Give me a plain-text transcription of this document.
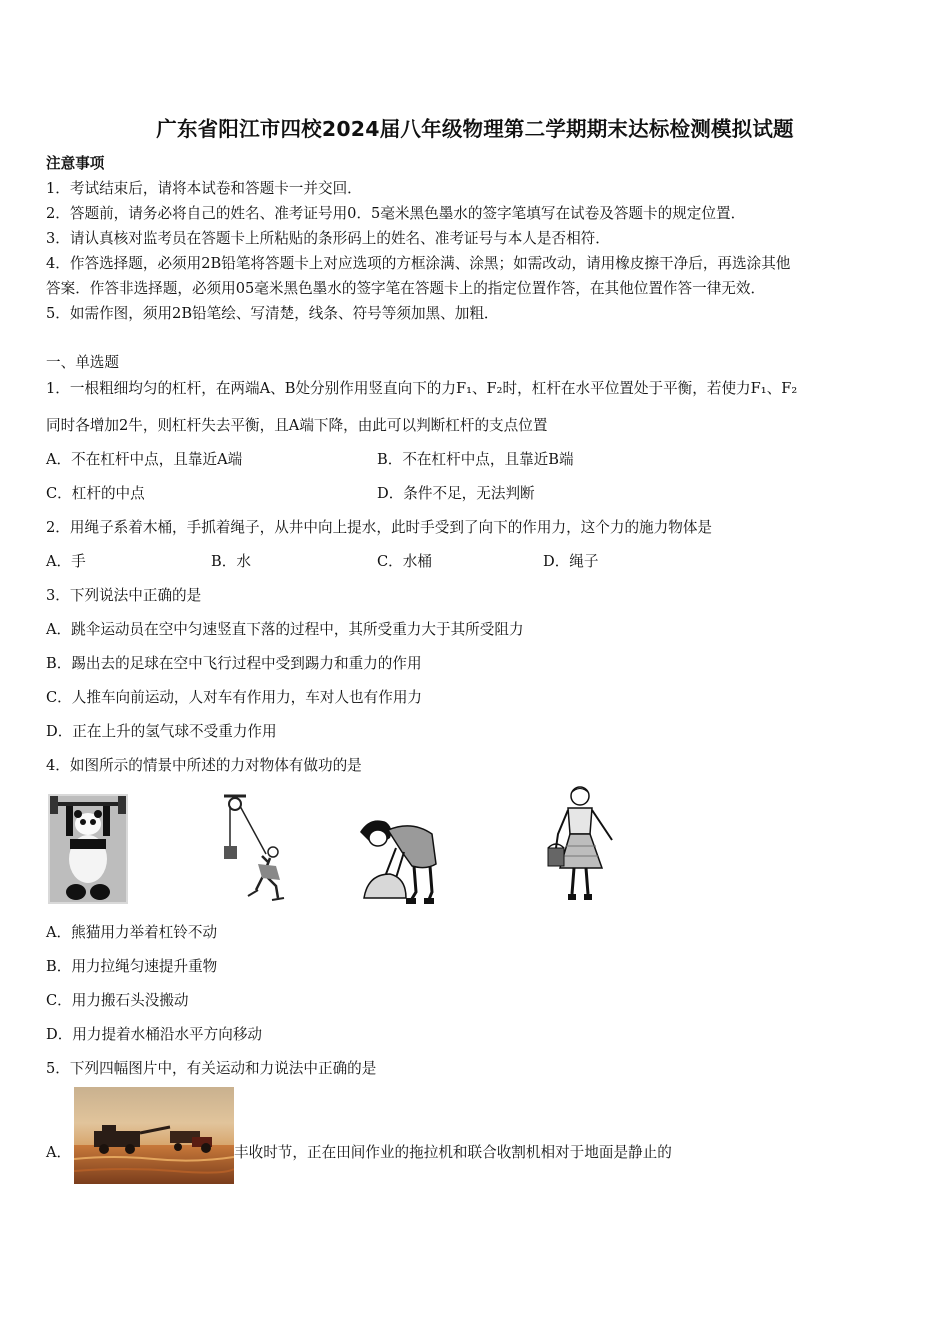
广东省阳江市四校2024届八年级物理第二学期期末达标检测模拟试题
注意事项
1．考试结束后，请将本试卷和答题卡一并交回．
2．答题前，请务必将自己的姓名、准考证号用0．5毫米黑色墨水的签字笔填写在试卷及答题卡的规定位置．
3．请认真核对监考员在答题卡上所粘贴的条形码上的姓名、准考证号与本人是否相符．
4．作答选择题，必须用2B铅笔将答题卡上对应选项的方框涂满、涂黑；如需改动，请用橡皮擦干净后，再选涂其他
答案．作答非选择题，必须用05毫米黑色墨水的签字笔在答题卡上的指定位置作答，在其他位置作答一律无效．
5．如需作图，须用2B铅笔绘、写清楚，线条、符号等须加黑、加粗．
一、单选题
1．一根粗细均匀的杠杆，在两端A、B处分别作用竖直向下的力F₁、F₂时，杠杆在水平位置处于平衡，若使力F₁、F₂
同时各增加2牛，则杠杆失去平衡，且A端下降，由此可以判断杠杆的支点位置
A．不在杠杆中点，且靠近A端	B．不在杠杆中点，且靠近B端
C．杠杆的中点	D．条件不足，无法判断
2．用绳子系着木桶，手抓着绳子，从井中向上提水，此时手受到了向下的作用力，这个力的施力物体是
A．手	B．水	C．水桶	D．绳子
3．下列说法中正确的是
A．跳伞运动员在空中匀速竖直下落的过程中，其所受重力大于其所受阻力
B．踢出去的足球在空中飞行过程中受到踢力和重力的作用
C．人推车向前运动，人对车有作用力，车对人也有作用力
D．正在上升的氢气球不受重力作用
4．如图所示的情景中所述的力对物体有做功的是
A．熊猫用力举着杠铃不动
B．用力拉绳匀速提升重物
C．用力搬石头没搬动
D．用力提着水桶沿水平方向移动
5．下列四幅图片中，有关运动和力说法中正确的是
A．	丰收时节，正在田间作业的拖拉机和联合收割机相对于地面是静止的
